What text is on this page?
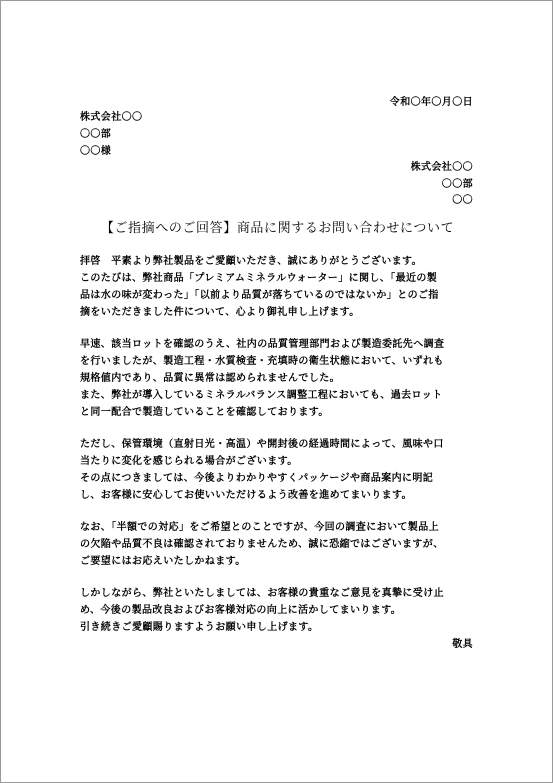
令和〇年〇月〇日
株式会社〇〇
〇〇部
〇〇様
株式会社〇〇
〇〇部
〇〇
【ご指摘へのご回答】商品に関するお問い合わせについて
拝啓　平素より弊社製品をご愛顧いただき、誠にありがとうございます。
このたびは、弊社商品「プレミアムミネラルウォーター」に関し、「最近の製
品は水の味が変わった」「以前より品質が落ちているのではないか」とのご指
摘をいただきました件について、心より御礼申し上げます。
早速、該当ロットを確認のうえ、社内の品質管理部門および製造委託先へ調査
を行いましたが、製造工程・水質検査・充填時の衛生状態において、いずれも
規格値内であり、品質に異常は認められませんでした。
また、弊社が導入しているミネラルバランス調整工程においても、過去ロット
と同一配合で製造していることを確認しております。
ただし、保管環境（直射日光・高温）や開封後の経過時間によって、風味や口
当たりに変化を感じられる場合がございます。
その点につきましては、今後よりわかりやすくパッケージや商品案内に明記
し、お客様に安心してお使いいただけるよう改善を進めてまいります。
なお、「半額での対応」をご希望とのことですが、今回の調査において製品上
の欠陥や品質不良は確認されておりませんため、誠に恐縮ではございますが、
ご要望にはお応えいたしかねます。
しかしながら、弊社といたしましては、お客様の貴重なご意見を真摯に受け止
め、今後の製品改良およびお客様対応の向上に活かしてまいります。
引き続きご愛顧賜りますようお願い申し上げます。
敬具
